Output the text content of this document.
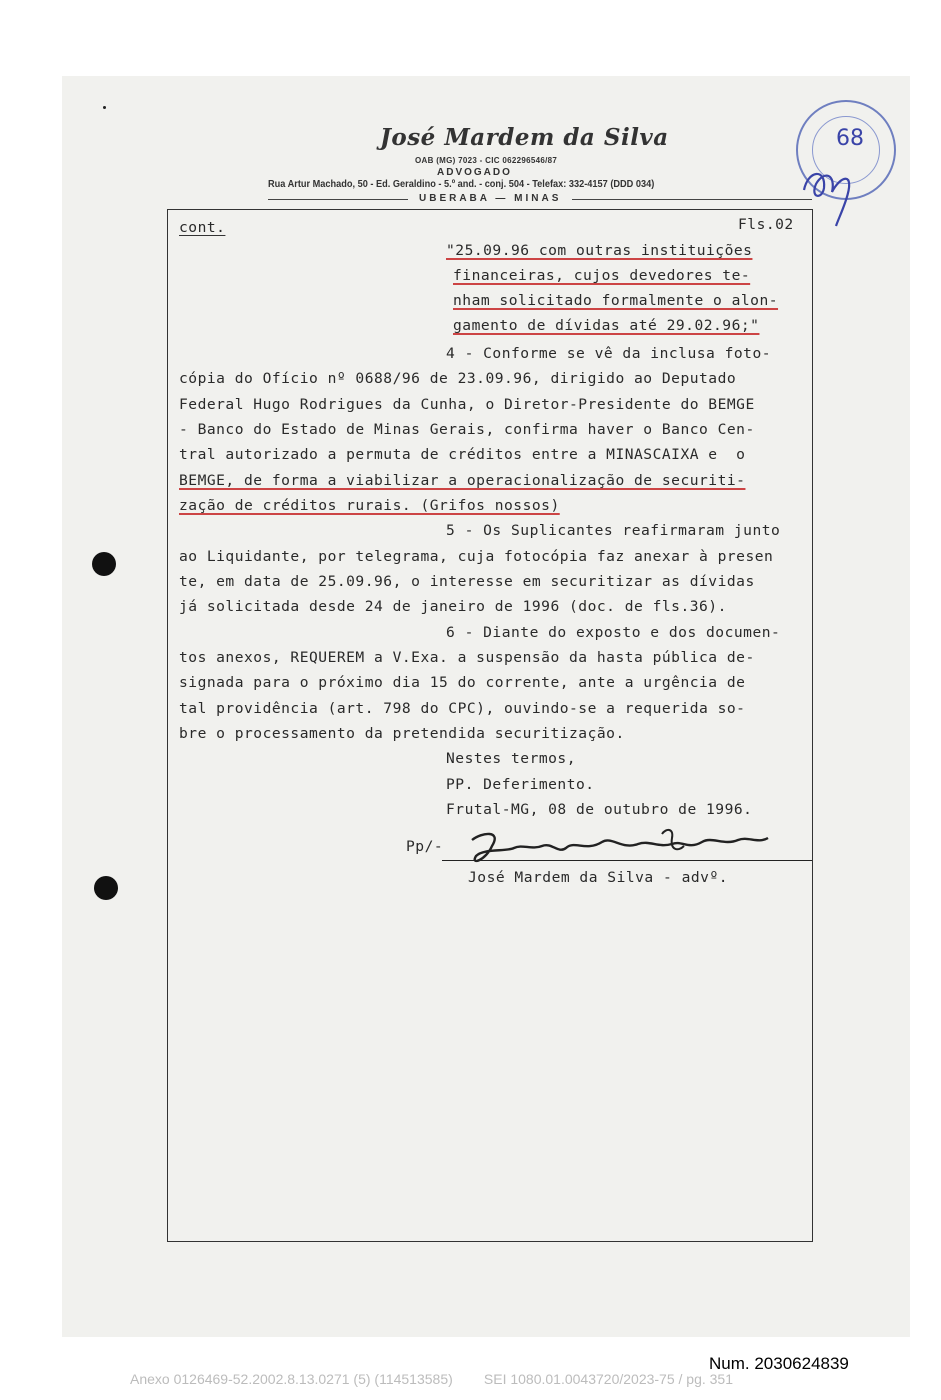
José Mardem da Silva
OAB (MG) 7023 - CIC 062296546/87
ADVOGADO
Rua Artur Machado, 50 - Ed. Geraldino - 5.º and. - conj. 504 - Telefax: 332-4157 (DDD 034)
UBERABA — MINAS
68
cont.	Fls.02
"25.09.96 com outras instituições
financeiras, cujos devedores te-
nham solicitado formalmente o alon-
gamento de dívidas até 29.02.96;"
4 - Conforme se vê da inclusa foto-
cópia do Ofício nº 0688/96 de 23.09.96, dirigido ao Deputado
Federal Hugo Rodrigues da Cunha, o Diretor-Presidente do BEMGE
- Banco do Estado de Minas Gerais, confirma haver o Banco Cen-
tral autorizado a permuta de créditos entre a MINASCAIXA e  o
BEMGE, de forma a viabilizar a operacionalização de securiti-
zação de créditos rurais. (Grifos nossos)
5 - Os Suplicantes reafirmaram junto
ao Liquidante, por telegrama, cuja fotocópia faz anexar à presen
te, em data de 25.09.96, o interesse em securitizar as dívidas
já solicitada desde 24 de janeiro de 1996 (doc. de fls.36).
6 - Diante do exposto e dos documen-
tos anexos, REQUEREM a V.Exa. a suspensão da hasta pública de-
signada para o próximo dia 15 do corrente, ante a urgência de
tal providência (art. 798 do CPC), ouvindo-se a requerida so-
bre o processamento da pretendida securitização.
Nestes termos,
PP. Deferimento.
Frutal-MG, 08 de outubro de 1996.
Pp/-
José Mardem da Silva - advº.
Num. 2030624839
Anexo 0126469-52.2002.8.13.0271 (5) (114513585)        SEI 1080.01.0043720/2023-75 / pg. 351
